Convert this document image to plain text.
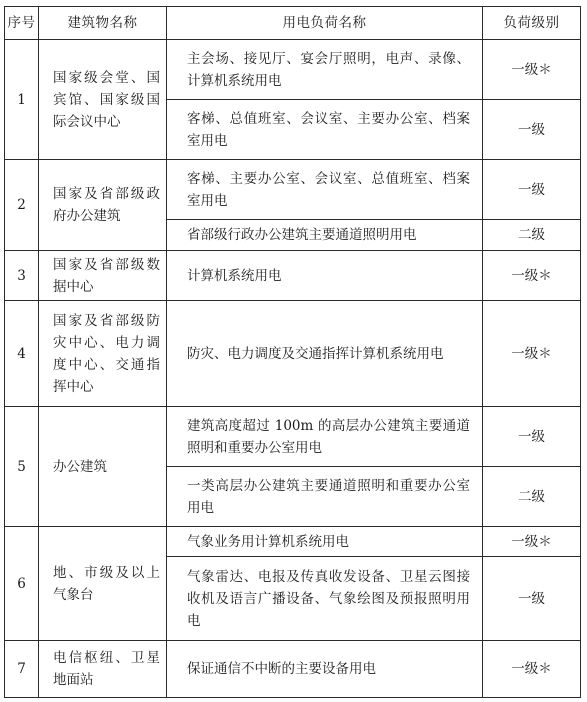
序号	建筑物名称	用电负荷名称	负荷级别
1	国家级会堂、国宾馆、国家级国际会议中心	主会场、接见厅、宴会厅照明，电声、录像、计算机系统用电	一级＊
		客梯、总值班室、会议室、主要办公室、档案室用电	一级
2	国家及省部级政府办公建筑	客梯、主要办公室、会议室、总值班室、档案室用电	一级
		省部级行政办公建筑主要通道照明用电	二级
3	国家及省部级数据中心	计算机系统用电	一级＊
4	国家及省部级防灾中心、电力调度中心、交通指挥中心	防灾、电力调度及交通指挥计算机系统用电	一级＊
5	办公建筑	建筑高度超过 100m 的高层办公建筑主要通道照明和重要办公室用电	一级
		一类高层办公建筑主要通道照明和重要办公室用电	二级
6	地、市级及以上气象台	气象业务用计算机系统用电	一级＊
		气象雷达、电报及传真收发设备、卫星云图接收机及语言广播设备、气象绘图及预报照明用电	一级
7	电信枢纽、卫星地面站	保证通信不中断的主要设备用电	一级＊
